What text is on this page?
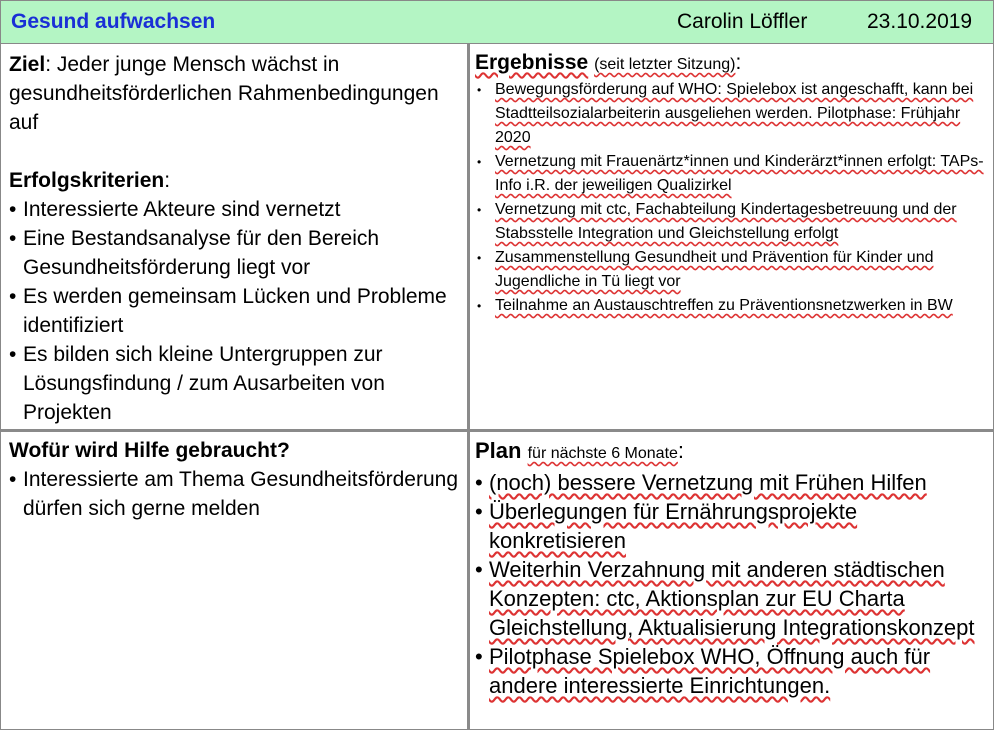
Gesund aufwachsen	Carolin Löffler	23.10.2019
Ziel: Jeder junge Mensch wächst in gesundheitsförderlichen Rahmenbedingungen auf
Erfolgskriterien:
• Interessierte Akteure sind vernetzt
• Eine Bestandsanalyse für den Bereich Gesundheitsförderung liegt vor
• Es werden gemeinsam Lücken und Probleme identifiziert
• Es bilden sich kleine Untergruppen zur Lösungsfindung / zum Ausarbeiten von Projekten
Ergebnisse (seit letzter Sitzung):
• Bewegungsförderung auf WHO: Spielebox ist angeschafft, kann bei Stadtteilsozialarbeiterin ausgeliehen werden. Pilotphase: Frühjahr 2020
• Vernetzung mit Frauenärtz*innen und Kinderärzt*innen erfolgt: TAPs-Info i.R. der jeweiligen Qualizirkel
• Vernetzung mit ctc, Fachabteilung Kindertagesbetreuung und der Stabsstelle Integration und Gleichstellung erfolgt
• Zusammenstellung Gesundheit und Prävention für Kinder und Jugendliche in Tü liegt vor
• Teilnahme an Austauschtreffen zu Präventionsnetzwerken in BW
Wofür wird Hilfe gebraucht?
• Interessierte am Thema Gesundheitsförderung dürfen sich gerne melden
Plan für nächste 6 Monate:
• (noch) bessere Vernetzung mit Frühen Hilfen
• Überlegungen für Ernährungsprojekte konkretisieren
• Weiterhin Verzahnung mit anderen städtischen Konzepten: ctc, Aktionsplan zur EU Charta Gleichstellung, Aktualisierung Integrationskonzept
• Pilotphase Spielebox WHO, Öffnung auch für andere interessierte Einrichtungen.
